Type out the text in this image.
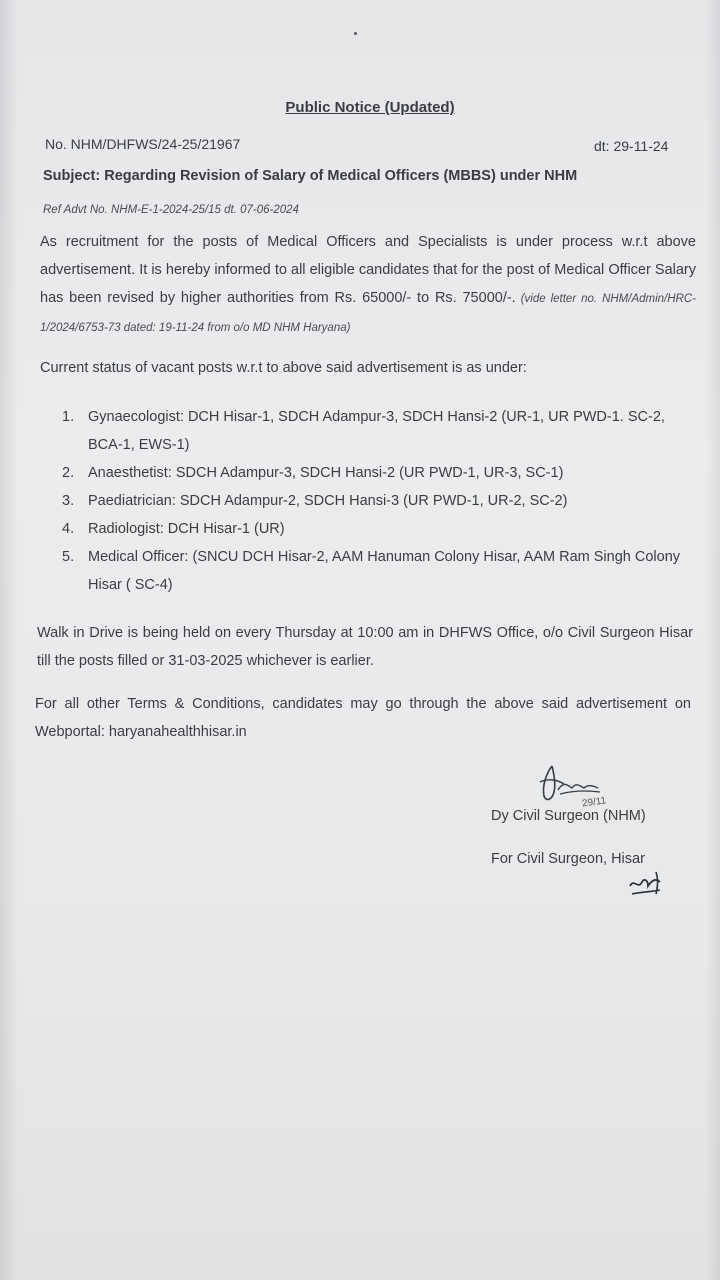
Public Notice (Updated)
No. NHM/DHFWS/24-25/21967	dt: 29-11-24
Subject: Regarding Revision of Salary of Medical Officers (MBBS) under NHM
Ref Advt No. NHM-E-1-2024-25/15 dt. 07-06-2024
As recruitment for the posts of Medical Officers and Specialists is under process w.r.t above advertisement. It is hereby informed to all eligible candidates that for the post of Medical Officer Salary has been revised by higher authorities from Rs. 65000/- to Rs. 75000/-. (vide letter no. NHM/Admin/HRC-1/2024/6753-73 dated: 19-11-24 from o/o MD NHM Haryana)
Current status of vacant posts w.r.t to above said advertisement is as under:
1. Gynaecologist: DCH Hisar-1, SDCH Adampur-3, SDCH Hansi-2 (UR-1, UR PWD-1. SC-2, BCA-1, EWS-1)
2. Anaesthetist: SDCH Adampur-3, SDCH Hansi-2 (UR PWD-1, UR-3, SC-1)
3. Paediatrician: SDCH Adampur-2, SDCH Hansi-3 (UR PWD-1, UR-2, SC-2)
4. Radiologist: DCH Hisar-1 (UR)
5. Medical Officer: (SNCU DCH Hisar-2, AAM Hanuman Colony Hisar, AAM Ram Singh Colony Hisar ( SC-4)
Walk in Drive is being held on every Thursday at 10:00 am in DHFWS Office, o/o Civil Surgeon Hisar till the posts filled or 31-03-2025 whichever is earlier.
For all other Terms & Conditions, candidates may go through the above said advertisement on Webportal: haryanahealthhisar.in
29/11
Dy Civil Surgeon (NHM)
For Civil Surgeon, Hisar
